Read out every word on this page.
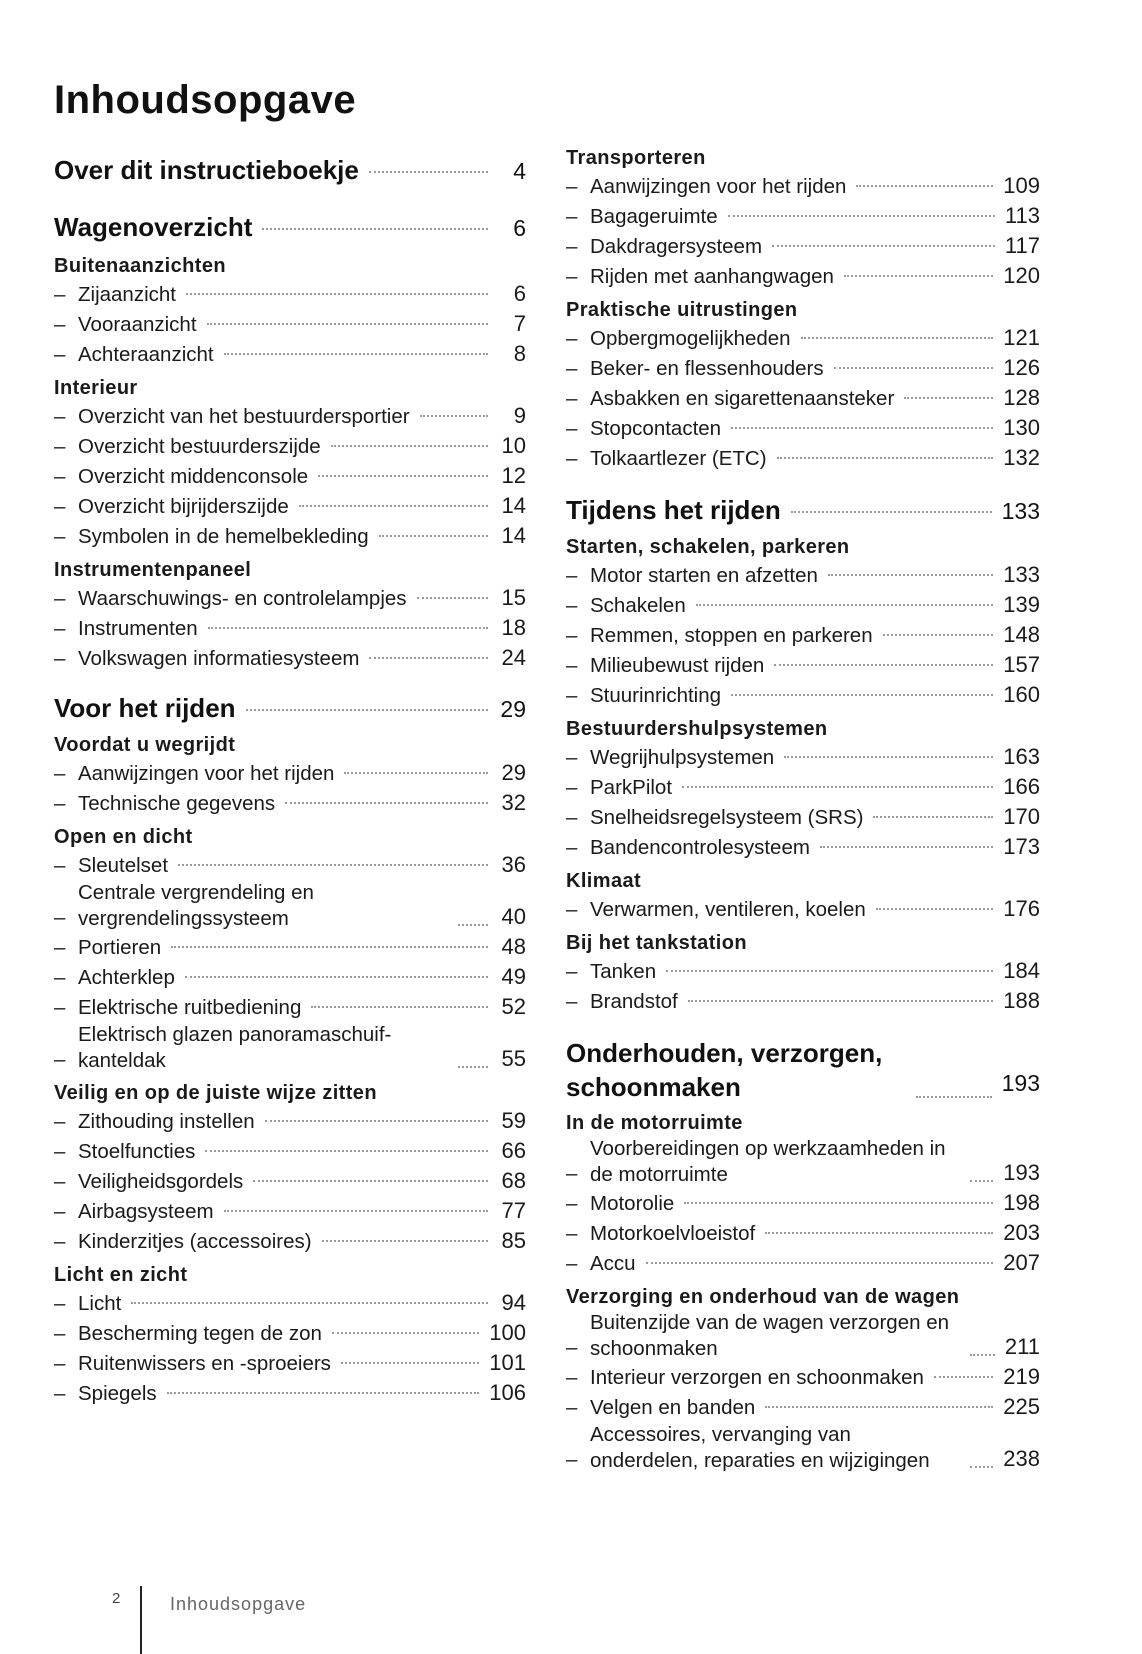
Inhoudsopgave
Over dit instructieboekje	4
Wagenoverzicht	6
Buitenaanzichten
– Zijaanzicht	6
– Vooraanzicht	7
– Achteraanzicht	8
Interieur
– Overzicht van het bestuurdersportier	9
– Overzicht bestuurderszijde	10
– Overzicht middenconsole	12
– Overzicht bijrijderszijde	14
– Symbolen in de hemelbekleding	14
Instrumentenpaneel
– Waarschuwings- en controlelampjes	15
– Instrumenten	18
– Volkswagen informatiesysteem	24
Voor het rijden	29
Voordat u wegrijdt
– Aanwijzingen voor het rijden	29
– Technische gegevens	32
Open en dicht
– Sleutelset	36
–
Centrale vergrendeling en vergrendelingssysteem	40
– Portieren	48
– Achterklep	49
– Elektrische ruitbediening	52
–
Elektrisch glazen panoramaschuif-kanteldak	55
Veilig en op de juiste wijze zitten
– Zithouding instellen	59
– Stoelfuncties	66
– Veiligheidsgordels	68
– Airbagsysteem	77
– Kinderzitjes (accessoires)	85
Licht en zicht
– Licht	94
– Bescherming tegen de zon	100
– Ruitenwissers en -sproeiers	101
– Spiegels	106
Transporteren
– Aanwijzingen voor het rijden	109
– Bagageruimte	113
– Dakdragersysteem	117
– Rijden met aanhangwagen	120
Praktische uitrustingen
– Opbergmogelijkheden	121
– Beker- en flessenhouders	126
– Asbakken en sigarettenaansteker	128
– Stopcontacten	130
– Tolkaartlezer (ETC)	132
Tijdens het rijden	133
Starten, schakelen, parkeren
– Motor starten en afzetten	133
– Schakelen	139
– Remmen, stoppen en parkeren	148
– Milieubewust rijden	157
– Stuurinrichting	160
Bestuurdershulpsystemen
– Wegrijhulpsystemen	163
– ParkPilot	166
– Snelheidsregelsysteem (SRS)	170
– Bandencontrolesysteem	173
Klimaat
– Verwarmen, ventileren, koelen	176
Bij het tankstation
– Tanken	184
– Brandstof	188
Onderhouden, verzorgen, schoonmaken	193
In de motorruimte
–
Voorbereidingen op werkzaamheden in de motorruimte	193
– Motorolie	198
– Motorkoelvloeistof	203
– Accu	207
Verzorging en onderhoud van de wagen
–
Buitenzijde van de wagen verzorgen en schoonmaken	211
– Interieur verzorgen en schoonmaken	219
– Velgen en banden	225
–
Accessoires, vervanging van onderdelen, reparaties en wijzigingen	238
2	Inhoudsopgave
